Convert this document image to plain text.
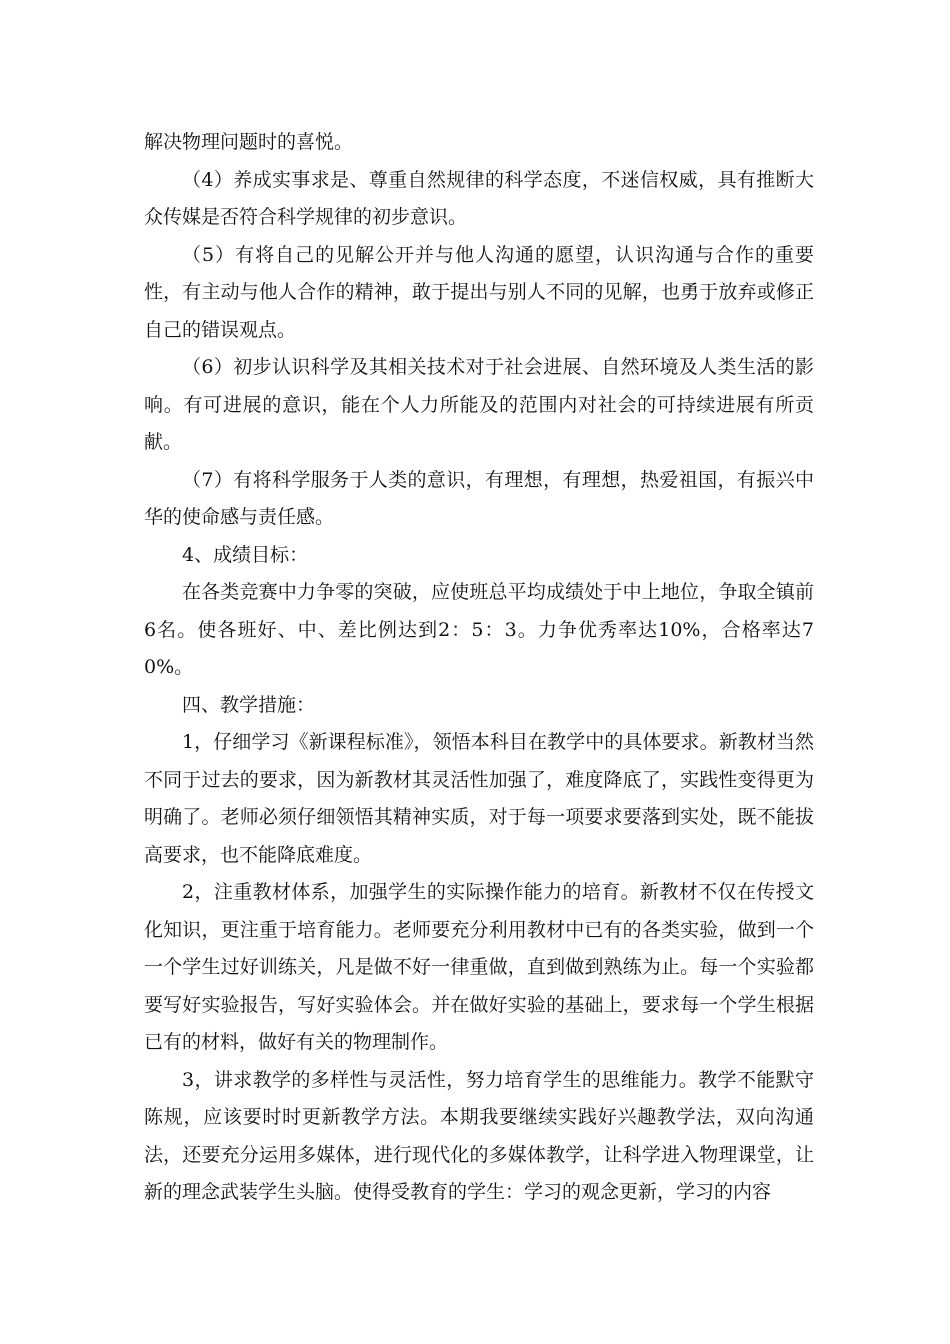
解决物理问题时的喜悦。

（4）养成实事求是、尊重自然规律的科学态度，不迷信权威，具有推断大众传媒是否符合科学规律的初步意识。

（5）有将自己的见解公开并与他人沟通的愿望，认识沟通与合作的重要性，有主动与他人合作的精神，敢于提出与别人不同的见解，也勇于放弃或修正自己的错误观点。

（6）初步认识科学及其相关技术对于社会进展、自然环境及人类生活的影响。有可进展的意识，能在个人力所能及的范围内对社会的可持续进展有所贡献。

（7）有将科学服务于人类的意识，有理想，有理想，热爱祖国，有振兴中华的使命感与责任感。

4、成绩目标：

在各类竞赛中力争零的突破，应使班总平均成绩处于中上地位，争取全镇前6名。使各班好、中、差比例达到2：5：3。力争优秀率达10%，合格率达70%。

四、教学措施：

1，仔细学习《新课程标准》，领悟本科目在教学中的具体要求。新教材当然不同于过去的要求，因为新教材其灵活性加强了，难度降底了，实践性变得更为明确了。老师必须仔细领悟其精神实质，对于每一项要求要落到实处，既不能拔高要求，也不能降底难度。

2，注重教材体系，加强学生的实际操作能力的培育。新教材不仅在传授文化知识，更注重于培育能力。老师要充分利用教材中已有的各类实验，做到一个一个学生过好训练关，凡是做不好一律重做，直到做到熟练为止。每一个实验都要写好实验报告，写好实验体会。并在做好实验的基础上，要求每一个学生根据已有的材料，做好有关的物理制作。

3，讲求教学的多样性与灵活性，努力培育学生的思维能力。教学不能默守陈规，应该要时时更新教学方法。本期我要继续实践好兴趣教学法，双向沟通法，还要充分运用多媒体，进行现代化的多媒体教学，让科学进入物理课堂，让新的理念武装学生头脑。使得受教育的学生：学习的观念更新，学习的内容
